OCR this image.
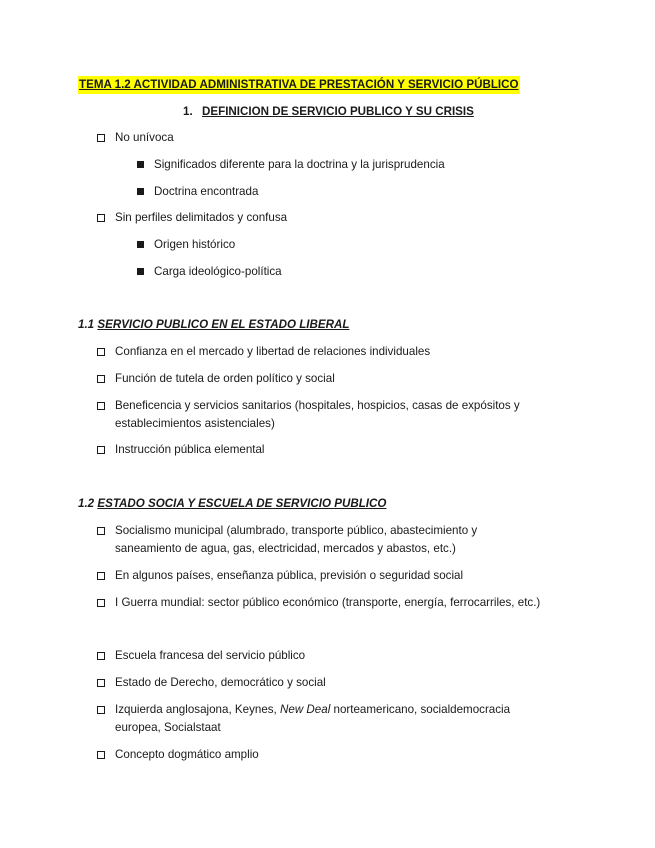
TEMA 1.2 ACTIVIDAD ADMINISTRATIVA DE PRESTACIÓN Y SERVICIO PÚBLICO
1. DEFINICION DE SERVICIO PUBLICO Y SU CRISIS
No unívoca
Significados diferente para la doctrina y la jurisprudencia
Doctrina encontrada
Sin perfiles delimitados y confusa
Origen histórico
Carga ideológico-política
1.1 SERVICIO PUBLICO EN EL ESTADO LIBERAL
Confianza en el mercado y libertad de relaciones individuales
Función de tutela de orden político y social
Beneficencia y servicios sanitarios (hospitales, hospicios, casas de expósitos y
establecimientos asistenciales)
Instrucción pública elemental
1.2 ESTADO SOCIA Y ESCUELA DE SERVICIO PUBLICO
Socialismo municipal (alumbrado, transporte público, abastecimiento y
saneamiento de agua, gas, electricidad, mercados y abastos, etc.)
En algunos países, enseñanza pública, previsión o seguridad social
I Guerra mundial: sector público económico (transporte, energía, ferrocarriles, etc.)
Escuela francesa del servicio público
Estado de Derecho, democrático y social
Izquierda anglosajona, Keynes, New Deal norteamericano, socialdemocracia
europea, Socialstaat
Concepto dogmático amplio
